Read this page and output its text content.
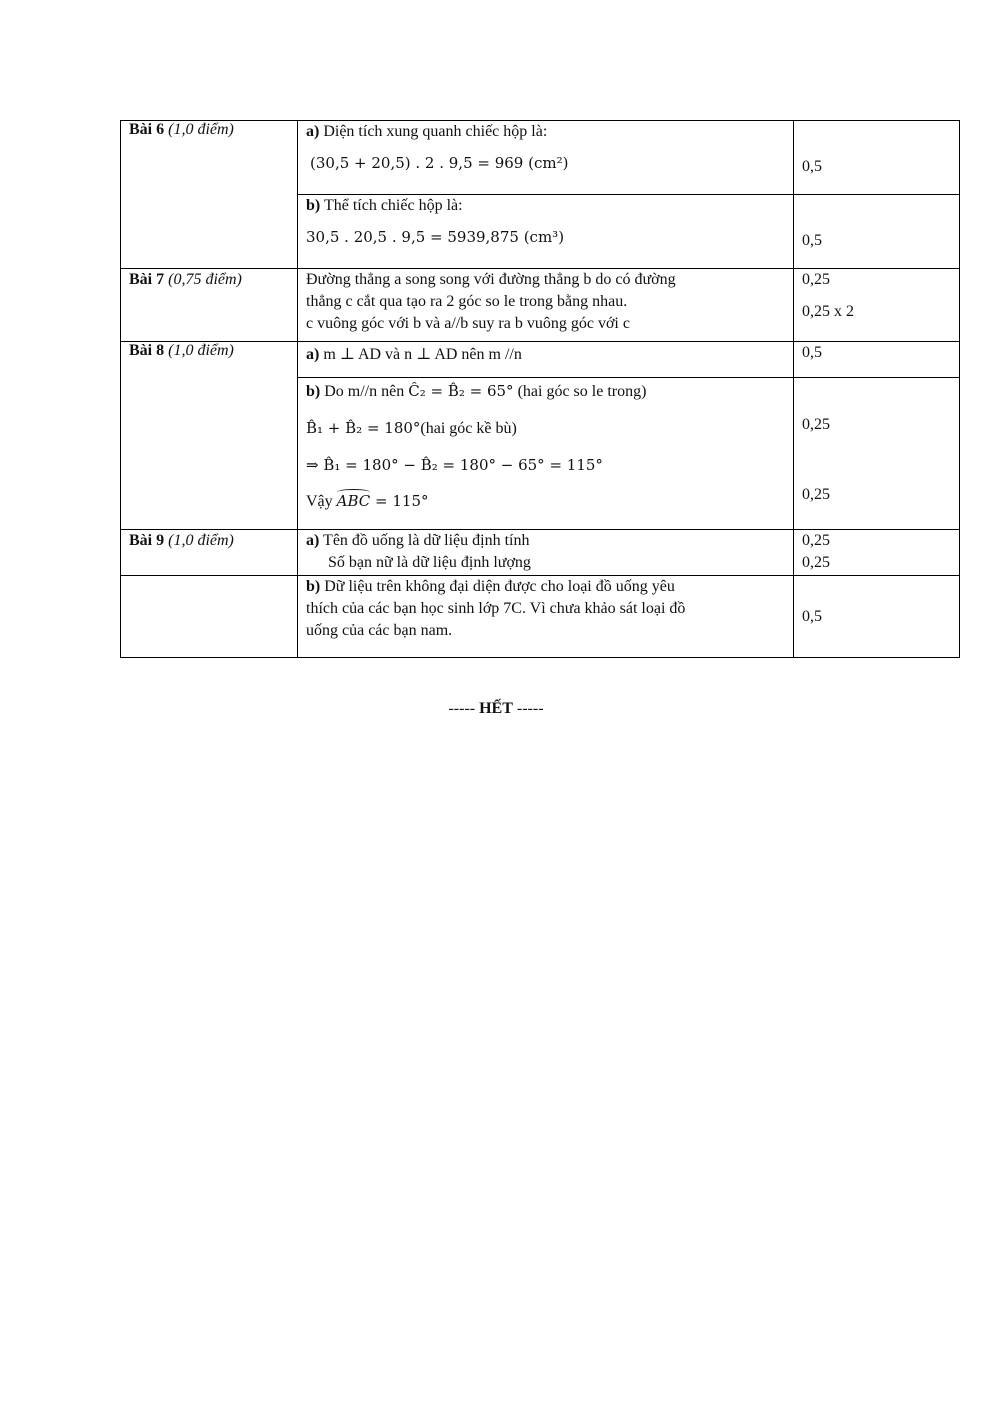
Bài 6 (1,0 điểm)	a) Diện tích xung quanh chiếc hộp là:
(30,5 + 20,5) . 2 . 9,5 = 969 (cm²)	0,5

	b) Thể tích chiếc hộp là:
30,5 . 20,5 . 9,5 = 5939,875 (cm³)	0,5

Bài 7 (0,75 điểm)	Đường thẳng a song song với đường thẳng b do có đường
thẳng c cắt qua tạo ra 2 góc so le trong bằng nhau.
c vuông góc với b và a//b suy ra b vuông góc với c	0,25
0,25 x 2

Bài 8 (1,0 điểm)	a) m ⊥ AD và n ⊥ AD nên m //n	0,5

	b) Do m//n nên Ĉ₂ = B̂₂ = 65° (hai góc so le trong)
B̂₁ + B̂₂ = 180°(hai góc kề bù)
⇒ B̂₁ = 180° − B̂₂ = 180° − 65° = 115°
Vậy ABC = 115°	0,25
0,25

Bài 9 (1,0 điểm)	a) Tên đồ uống là dữ liệu định tính
Số bạn nữ là dữ liệu định lượng	0,25
0,25

	b) Dữ liệu trên không đại diện được cho loại đồ uống yêu
thích của các bạn học sinh lớp 7C. Vì chưa khảo sát loại đồ
uống của các bạn nam.	0,5
----- HẾT -----
